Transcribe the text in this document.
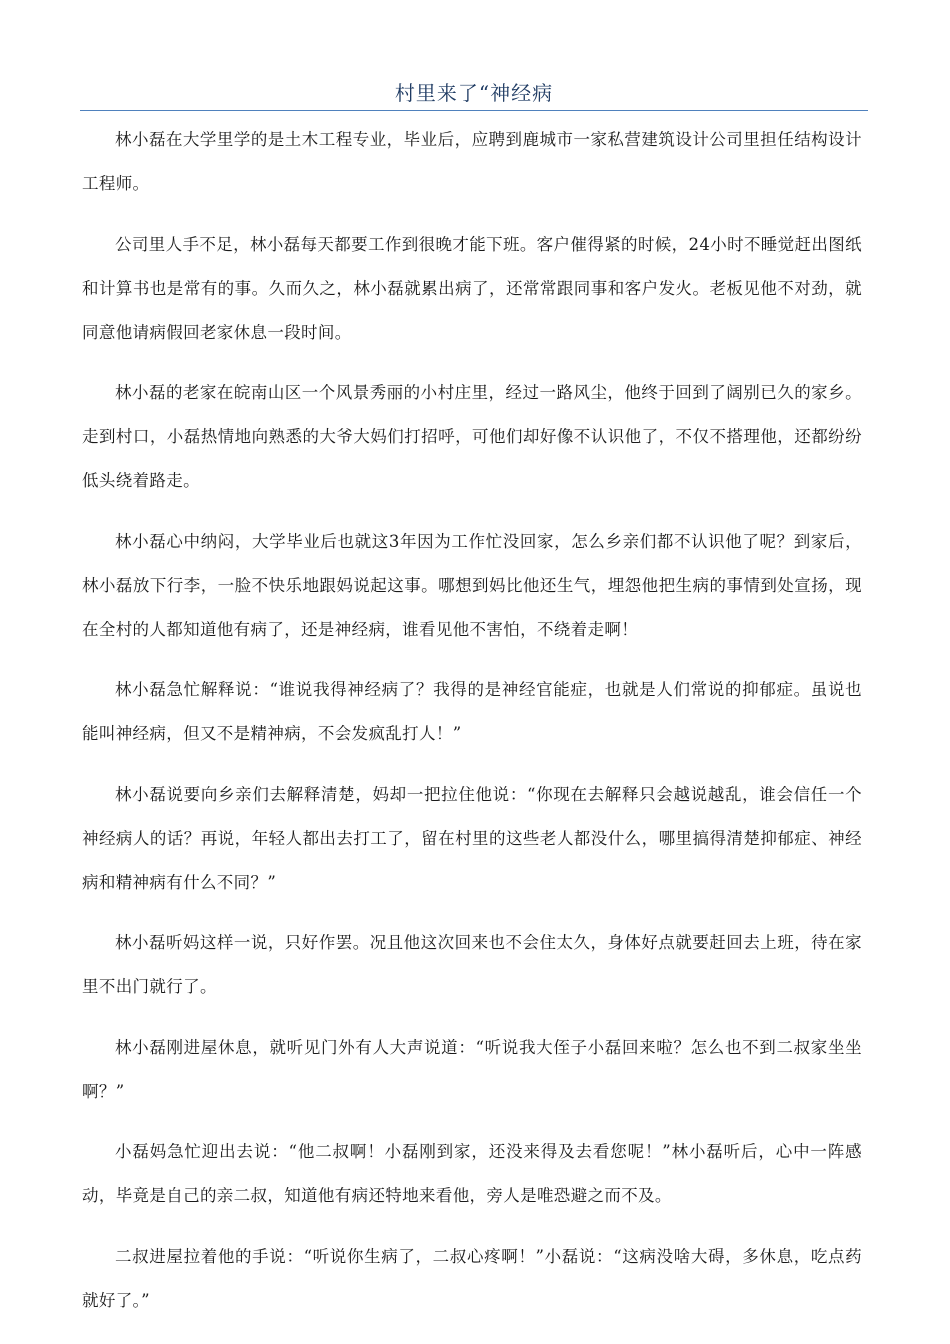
村里来了“神经病

林小磊在大学里学的是土木工程专业，毕业后，应聘到鹿城市一家私营建筑设计公司里担任结构设计工程师。

公司里人手不足，林小磊每天都要工作到很晚才能下班。客户催得紧的时候，24小时不睡觉赶出图纸和计算书也是常有的事。久而久之，林小磊就累出病了，还常常跟同事和客户发火。老板见他不对劲，就同意他请病假回老家休息一段时间。

林小磊的老家在皖南山区一个风景秀丽的小村庄里，经过一路风尘，他终于回到了阔别已久的家乡。走到村口，小磊热情地向熟悉的大爷大妈们打招呼，可他们却好像不认识他了，不仅不搭理他，还都纷纷低头绕着路走。

林小磊心中纳闷，大学毕业后也就这3年因为工作忙没回家，怎么乡亲们都不认识他了呢？到家后，林小磊放下行李，一脸不快乐地跟妈说起这事。哪想到妈比他还生气，埋怨他把生病的事情到处宣扬，现在全村的人都知道他有病了，还是神经病，谁看见他不害怕，不绕着走啊！

林小磊急忙解释说：“谁说我得神经病了？我得的是神经官能症，也就是人们常说的抑郁症。虽说也能叫神经病，但又不是精神病，不会发疯乱打人！”

林小磊说要向乡亲们去解释清楚，妈却一把拉住他说：“你现在去解释只会越说越乱，谁会信任一个神经病人的话？再说，年轻人都出去打工了，留在村里的这些老人都没什么，哪里搞得清楚抑郁症、神经病和精神病有什么不同？”

林小磊听妈这样一说，只好作罢。况且他这次回来也不会住太久，身体好点就要赶回去上班，待在家里不出门就行了。

林小磊刚进屋休息，就听见门外有人大声说道：“听说我大侄子小磊回来啦？怎么也不到二叔家坐坐啊？”

小磊妈急忙迎出去说：“他二叔啊！小磊刚到家，还没来得及去看您呢！”林小磊听后，心中一阵感动，毕竟是自己的亲二叔，知道他有病还特地来看他，旁人是唯恐避之而不及。

二叔进屋拉着他的手说：“听说你生病了，二叔心疼啊！”小磊说：“这病没啥大碍，多休息，吃点药就好了。”
